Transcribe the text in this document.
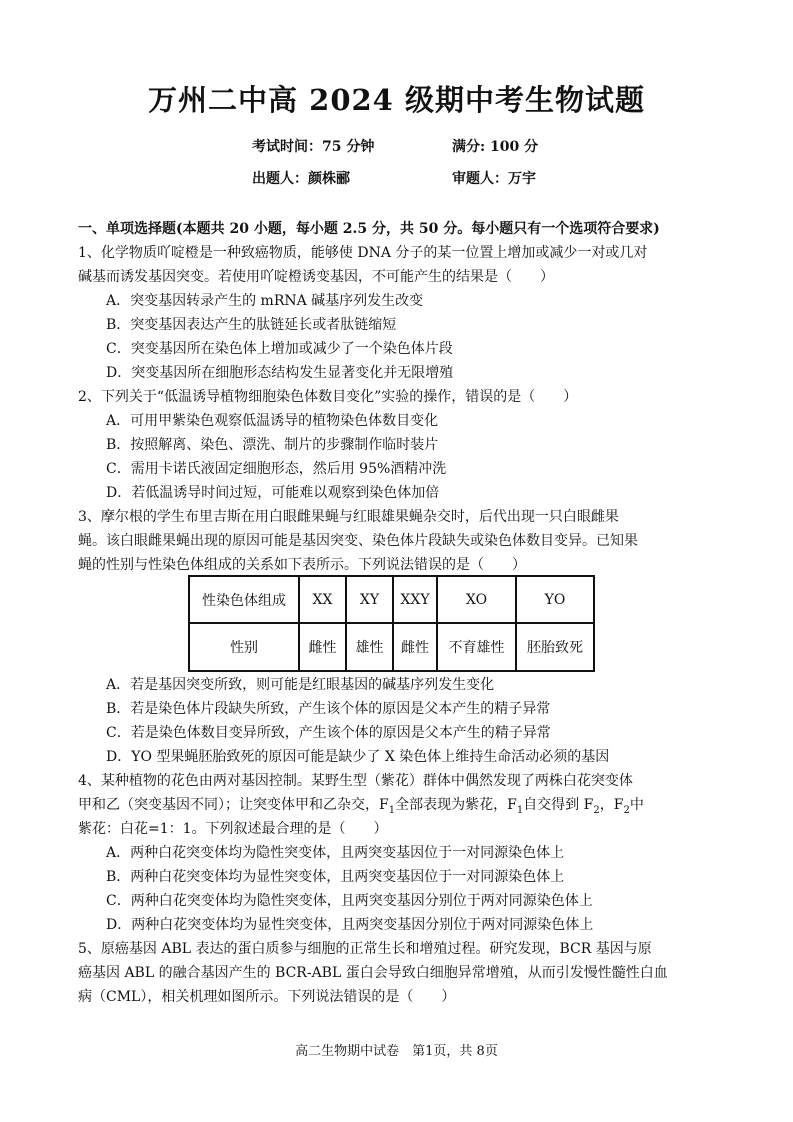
万州二中高 2024 级期中考生物试题
考试时间：75 分钟	满分: 100 分
出题人：颜株郦	审题人：万宇
一、单项选择题(本题共 20 小题，每小题 2.5 分，共 50 分。每小题只有一个选项符合要求)
1、化学物质吖啶橙是一种致癌物质，能够使 DNA 分子的某一位置上增加或减少一对或几对
碱基而诱发基因突变。若使用吖啶橙诱变基因，不可能产生的结果是（　　）
A．突变基因转录产生的 mRNA 碱基序列发生改变
B．突变基因表达产生的肽链延长或者肽链缩短
C．突变基因所在染色体上增加或减少了一个染色体片段
D．突变基因所在细胞形态结构发生显著变化并无限增殖
2、下列关于“低温诱导植物细胞染色体数目变化”实验的操作，错误的是（　　）
A．可用甲紫染色观察低温诱导的植物染色体数目变化
B．按照解离、染色、漂洗、制片的步骤制作临时装片
C．需用卡诺氏液固定细胞形态，然后用 95%酒精冲洗
D．若低温诱导时间过短，可能难以观察到染色体加倍
3、摩尔根的学生布里吉斯在用白眼雌果蝇与红眼雄果蝇杂交时，后代出现一只白眼雌果
蝇。该白眼雌果蝇出现的原因可能是基因突变、染色体片段缺失或染色体数目变异。已知果
蝇的性别与性染色体组成的关系如下表所示。下列说法错误的是（　　）
性染色体组成	XX	XY	XXY	XO	YO
性别	雌性	雄性	雌性	不育雄性	胚胎致死
A．若是基因突变所致，则可能是红眼基因的碱基序列发生变化
B．若是染色体片段缺失所致，产生该个体的原因是父本产生的精子异常
C．若是染色体数目变异所致，产生该个体的原因是父本产生的精子异常
D．YO 型果蝇胚胎致死的原因可能是缺少了 X 染色体上维持生命活动必须的基因
4、某种植物的花色由两对基因控制。某野生型（紫花）群体中偶然发现了两株白花突变体
甲和乙（突变基因不同）；让突变体甲和乙杂交，$F_1$全部表现为紫花，$F_1$自交得到 $F_2$，$F_2$中
紫花：白花=1：1。下列叙述最合理的是（　　）
A．两种白花突变体均为隐性突变体，且两突变基因位于一对同源染色体上
B．两种白花突变体均为显性突变体，且两突变基因位于一对同源染色体上
C．两种白花突变体均为隐性突变体，且两突变基因分别位于两对同源染色体上
D．两种白花突变体均为显性突变体，且两突变基因分别位于两对同源染色体上
5、原癌基因 ABL 表达的蛋白质参与细胞的正常生长和增殖过程。研究发现，BCR 基因与原
癌基因 ABL 的融合基因产生的 BCR-ABL 蛋白会导致白细胞异常增殖，从而引发慢性髓性白血
病（CML），相关机理如图所示。下列说法错误的是（　　）
高二生物期中试卷　第1页，共 8页
